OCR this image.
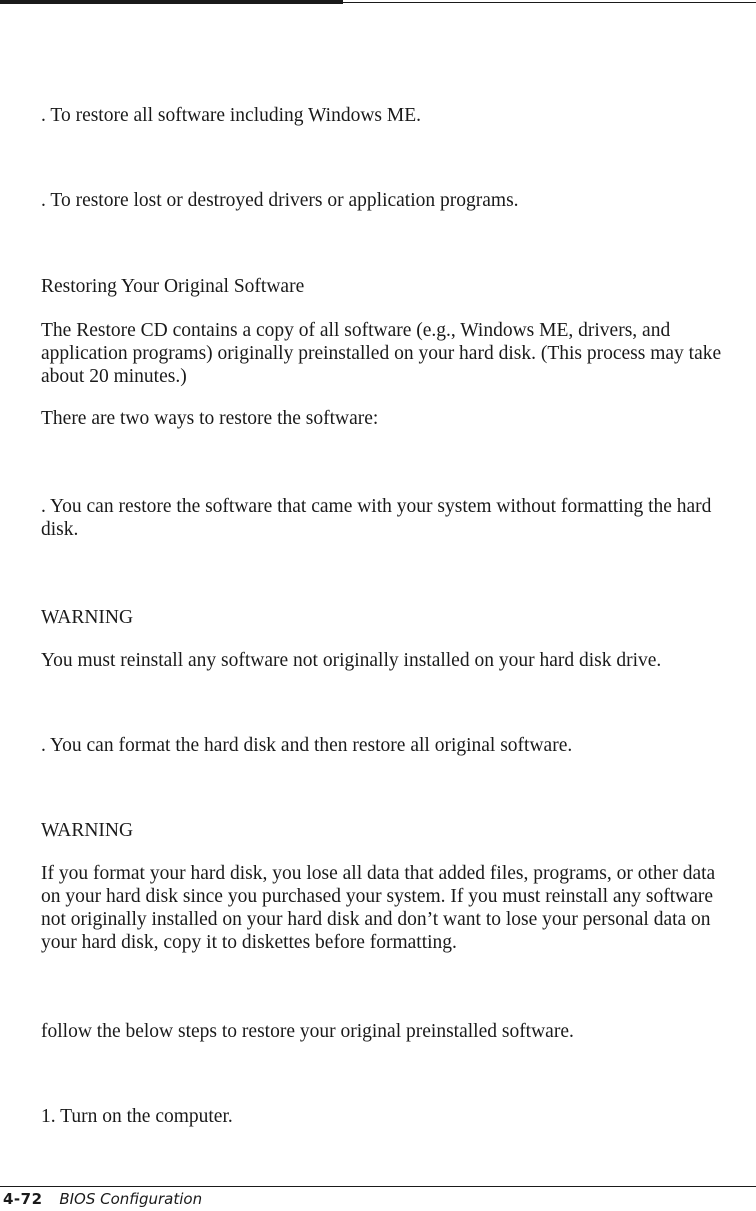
. To restore all software including Windows ME.

. To restore lost or destroyed drivers or application programs.

Restoring Your Original Software

The Restore CD contains a copy of all software (e.g., Windows ME, drivers, and application programs) originally preinstalled on your hard disk. (This process may take about 20 minutes.)

There are two ways to restore the software:

. You can restore the software that came with your system without formatting the hard disk.

WARNING

You must reinstall any software not originally installed on your hard disk drive.

. You can format the hard disk and then restore all original software.

WARNING

If you format your hard disk, you lose all data that added files, programs, or other data on your hard disk since you purchased your system. If you must reinstall any software not originally installed on your hard disk and don’t want to lose your personal data on your hard disk, copy it to diskettes before formatting.

follow the below steps to restore your original preinstalled software.

1. Turn on the computer.

4-72 BIOS Configuration
